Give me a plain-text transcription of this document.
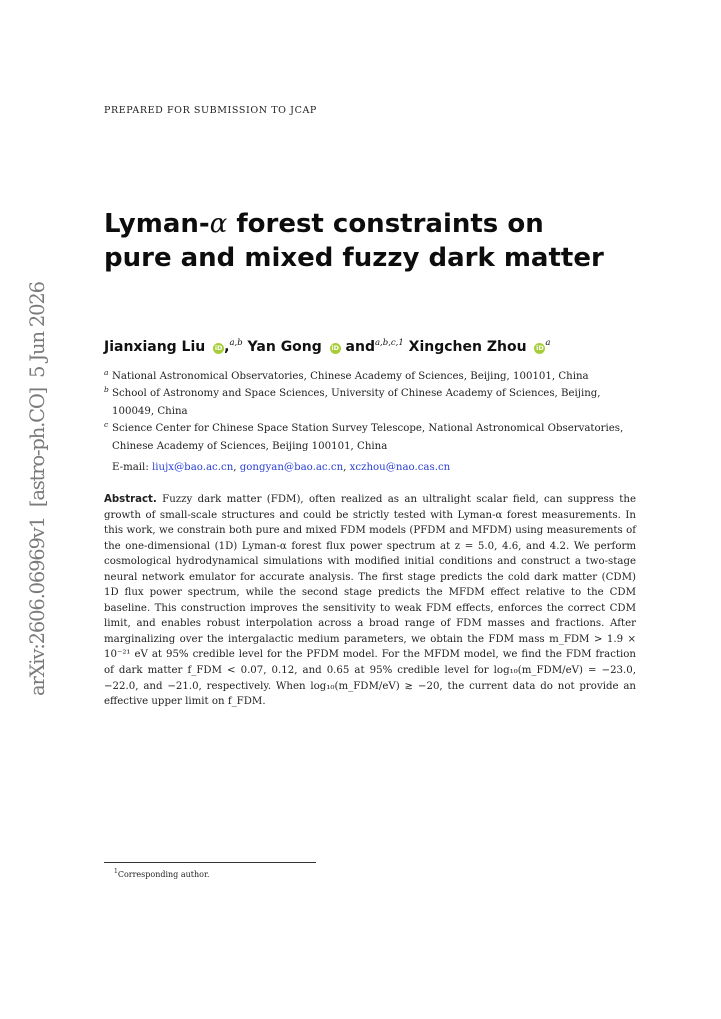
arXiv:2606.06969v1  [astro-ph.CO]  5 Jun 2026
PREPARED FOR SUBMISSION TO JCAP
Lyman-α forest constraints on
pure and mixed fuzzy dark matter
Jianxiang Liu iD ,$^{a,b}$ Yan Gong iD and$^{a,b,c,1}$ Xingchen Zhou iD $^a$
a National Astronomical Observatories, Chinese Academy of Sciences, Beijing, 100101, China
b School of Astronomy and Space Sciences, University of Chinese Academy of Sciences, Beijing, 100049, China
c Science Center for Chinese Space Station Survey Telescope, National Astronomical Observatories, Chinese Academy of Sciences, Beijing 100101, China
E-mail: liujx@bao.ac.cn, gongyan@bao.ac.cn, xczhou@nao.cas.cn
Abstract. Fuzzy dark matter (FDM), often realized as an ultralight scalar field, can suppress the growth of small-scale structures and could be strictly tested with Lyman-α forest measurements. In this work, we constrain both pure and mixed FDM models (PFDM and MFDM) using measurements of the one-dimensional (1D) Lyman-α forest flux power spectrum at z = 5.0, 4.6, and 4.2. We perform cosmological hydrodynamical simulations with modified initial conditions and construct a two-stage neural network emulator for accurate analysis. The first stage predicts the cold dark matter (CDM) 1D flux power spectrum, while the second stage predicts the MFDM effect relative to the CDM baseline. This construction improves the sensitivity to weak FDM effects, enforces the correct CDM limit, and enables robust interpolation across a broad range of FDM masses and fractions. After marginalizing over the intergalactic medium parameters, we obtain the FDM mass m_FDM > 1.9 × 10⁻²¹ eV at 95% credible level for the PFDM model. For the MFDM model, we find the FDM fraction of dark matter f_FDM < 0.07, 0.12, and 0.65 at 95% credible level for log₁₀(m_FDM/eV) = −23.0, −22.0, and −21.0, respectively. When log₁₀(m_FDM/eV) ≳ −20, the current data do not provide an effective upper limit on f_FDM.
$^1$Corresponding author.
